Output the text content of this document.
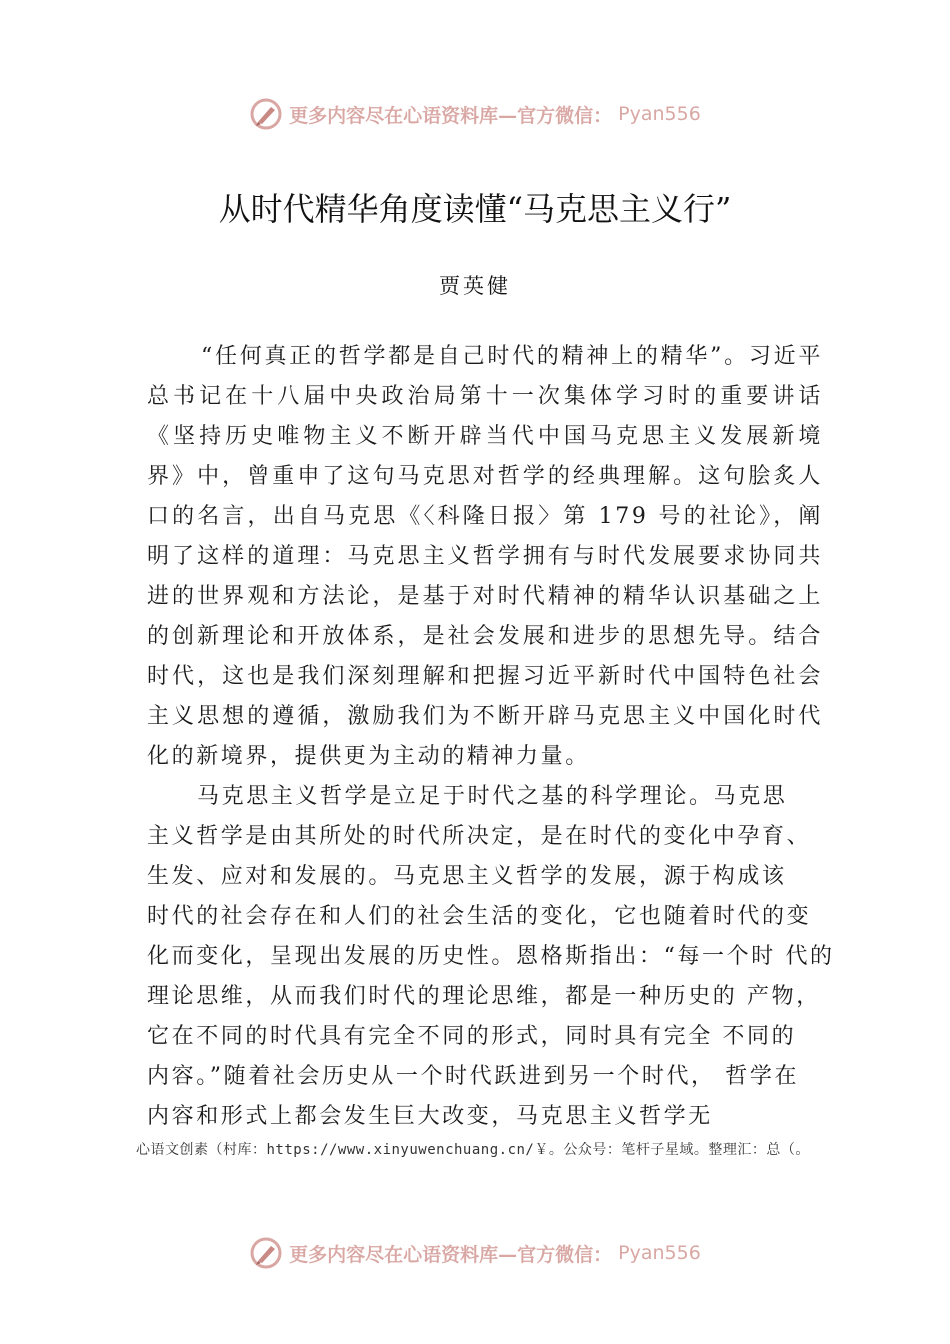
更多内容尽在心语资料库—官方微信： Pyan556
从时代精华角度读懂“马克思主义行”
贾英健
“任何真正的哲学都是自己时代的精神上的精华”。习近平总书记在十八届中央政治局第十一次集体学习时的重要讲话《坚持历史唯物主义不断开辟当代中国马克思主义发展新境界》中，曾重申了这句马克思对哲学的经典理解。这句脍炙人口的名言，出自马克思《〈科隆日报〉第 179 号的社论》，阐明了这样的道理：马克思主义哲学拥有与时代发展要求协同共进的世界观和方法论，是基于对时代精神的精华认识基础之上的创新理论和开放体系，是社会发展和进步的思想先导。结合时代，这也是我们深刻理解和把握习近平新时代中国特色社会主义思想的遵循，激励我们为不断开辟马克思主义中国化时代化的新境界，提供更为主动的精神力量。
马克思主义哲学是立足于时代之基的科学理论。马克思
主义哲学是由其所处的时代所决定，是在时代的变化中孕育、
生发、应对和发展的。马克思主义哲学的发展，源于构成该
时代的社会存在和人们的社会生活的变化，它也随着时代的变
化而变化，呈现出发展的历史性。恩格斯指出：“每一个时 代的
理论思维，从而我们时代的理论思维，都是一种历史的 产物，
它在不同的时代具有完全不同的形式，同时具有完全 不同的
内容。”随着社会历史从一个时代跃进到另一个时代， 哲学在
内容和形式上都会发生巨大改变，马克思主义哲学无
心语文创素（村库：https://www.xinyuwenchuang.cn/￥。公众号：笔杆子星域。整理汇：总（。
更多内容尽在心语资料库—官方微信： Pyan556
